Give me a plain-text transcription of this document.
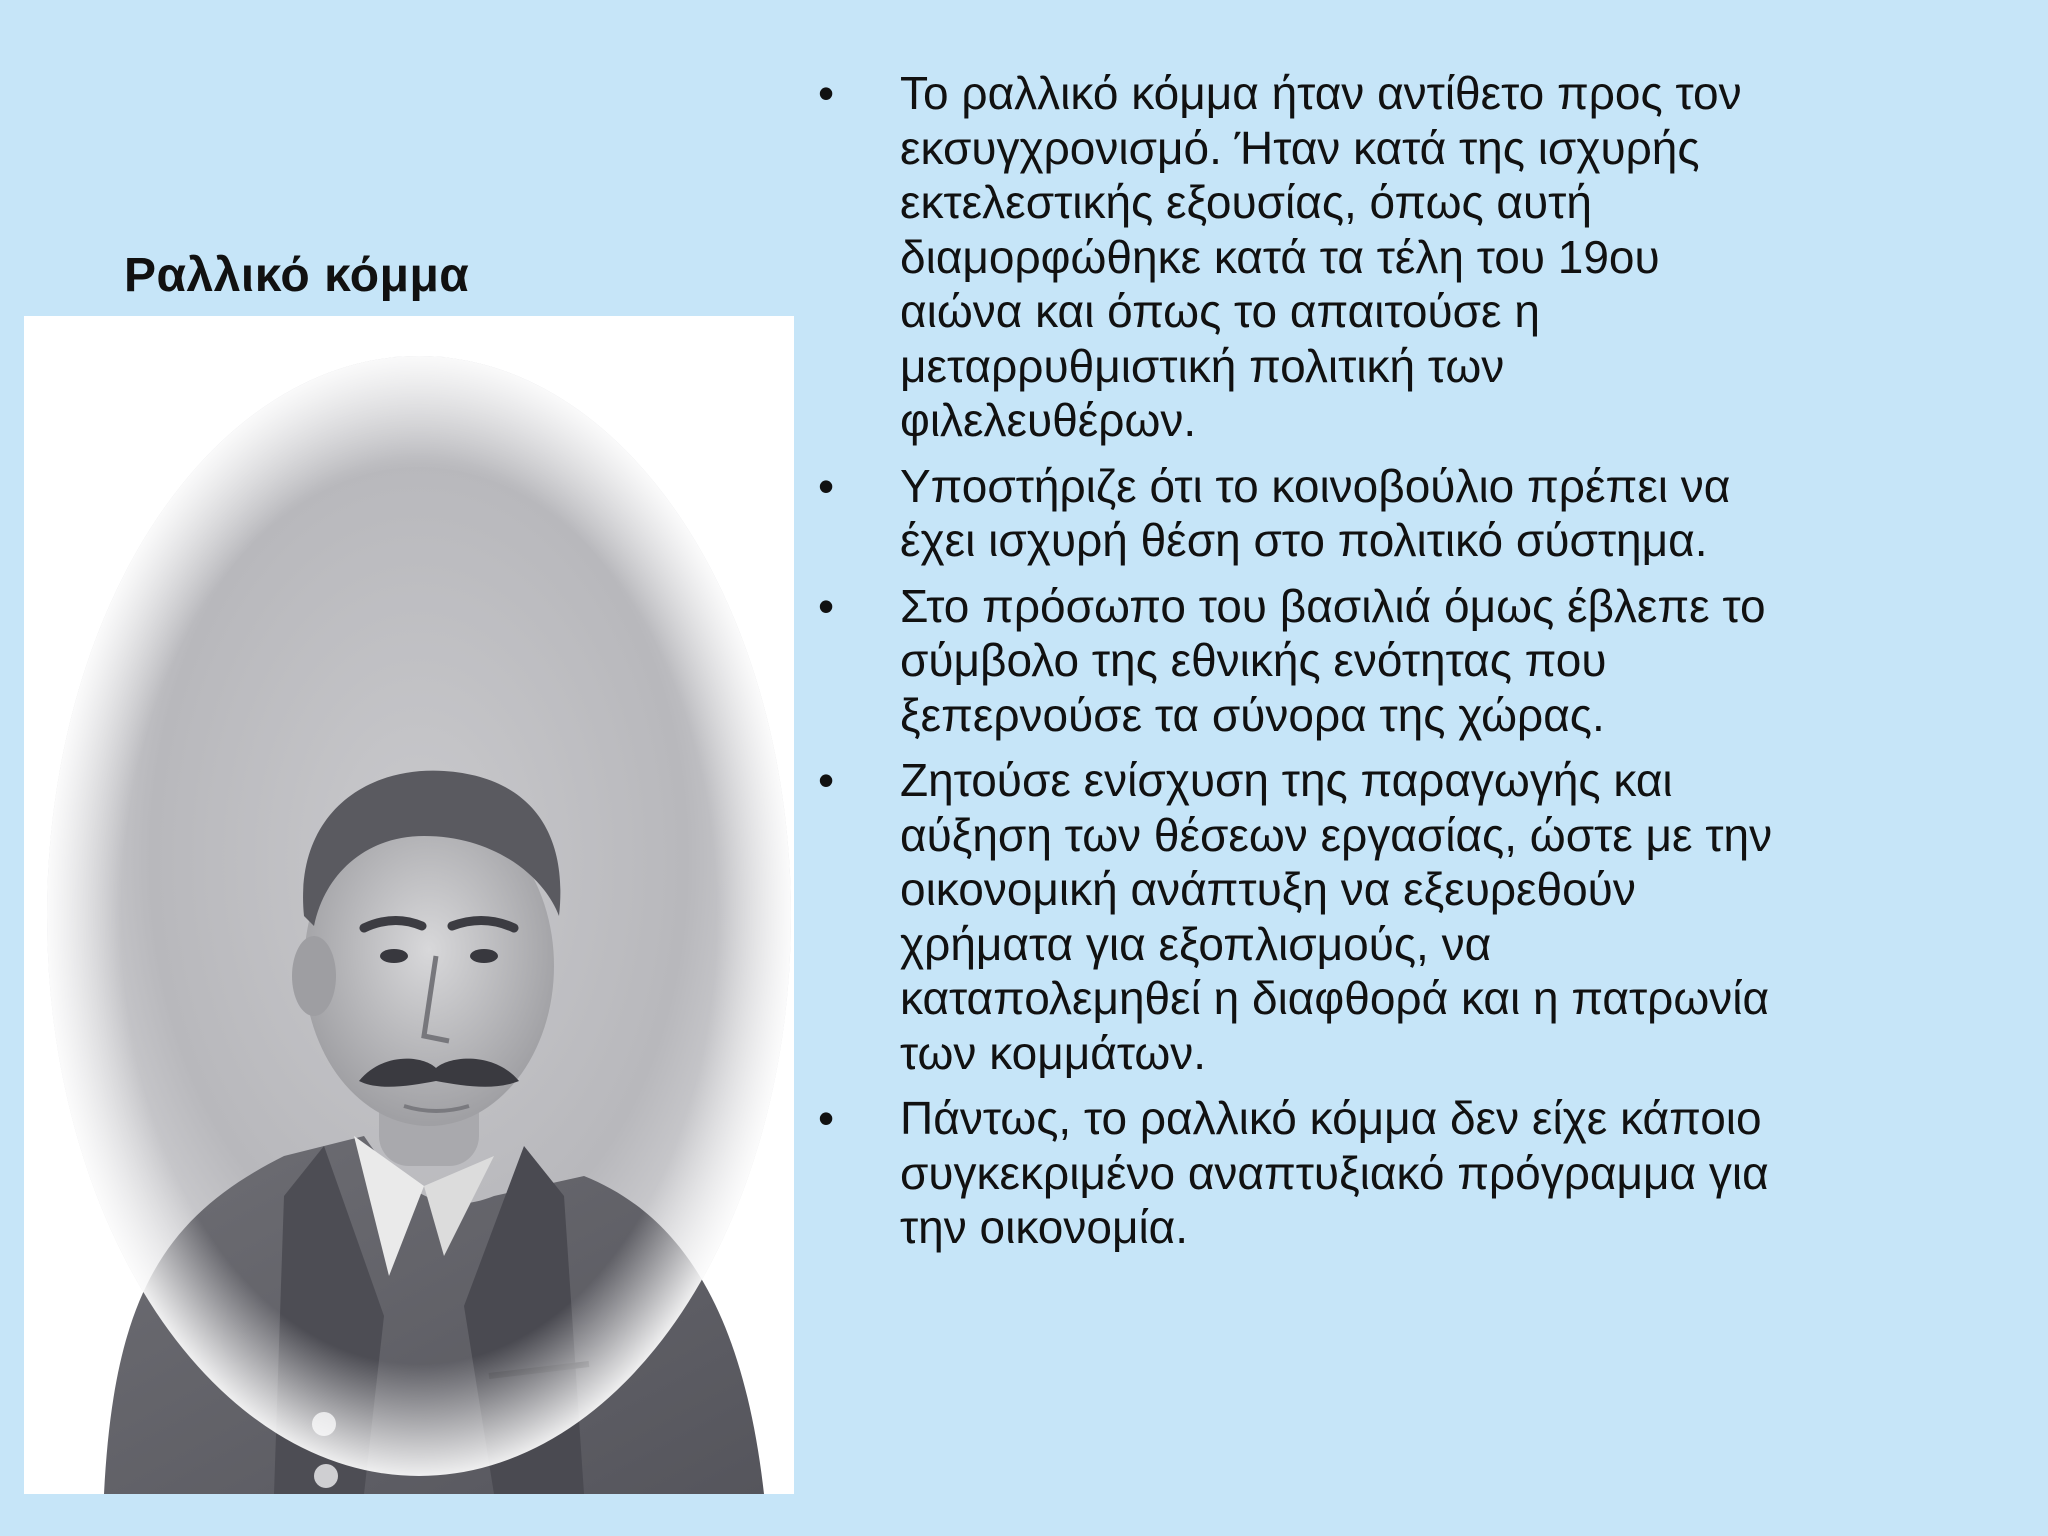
Ραλλικό κόμμα
• Το ραλλικό κόμμα ήταν αντίθετο προς τον
εκσυγχρονισμό. Ήταν κατά της ισχυρής
εκτελεστικής εξουσίας, όπως αυτή
διαμορφώθηκε κατά τα τέλη του 19ου
αιώνα και όπως το απαιτούσε η
μεταρρυθμιστική πολιτική των
φιλελευθέρων.
• Υποστήριζε ότι το κοινοβούλιο πρέπει να
έχει ισχυρή θέση στο πολιτικό σύστημα.
• Στο πρόσωπο του βασιλιά όμως έβλεπε το
σύμβολο της εθνικής ενότητας που
ξεπερνούσε τα σύνορα της χώρας.
• Ζητούσε ενίσχυση της παραγωγής και
αύξηση των θέσεων εργασίας, ώστε με την
οικονομική ανάπτυξη να εξευρεθούν
χρήματα για εξοπλισμούς, να
καταπολεμηθεί η διαφθορά και η πατρωνία
των κομμάτων.
• Πάντως, το ραλλικό κόμμα δεν είχε κάποιο
συγκεκριμένο αναπτυξιακό πρόγραμμα για
την οικονομία.
